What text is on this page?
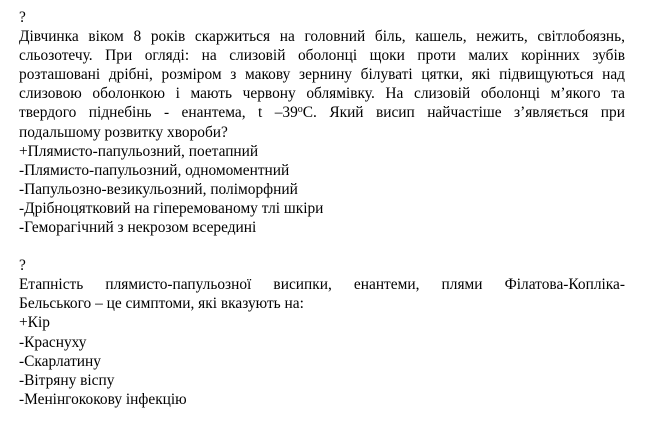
?
Дівчинка віком 8 років скаржиться на головний біль, кашель, нежить, світлобоязнь,
сльозотечу. При огляді: на слизовій оболонці щоки проти малих корінних зубів
розташовані дрібні, розміром з макову зернину білуваті цятки, які підвищуються над
слизовою оболонкою і мають червону облямівку. На слизовій оболонці м’якого та
твердого піднебінь - енантема, t $-39^оС$. Який висип найчастіше з’являється при
подальшому розвитку хвороби?
+Плямисто-папульозний, поетапний
-Плямисто-папульозний, одномоментний
-Папульозно-везикульозний, поліморфний
-Дрібноцятковий на гіперемованому тлі шкіри
-Геморагічний з некрозом всередині
?
Етапність плямисто-папульозної висипки, енантеми, плями Філатова-Копліка-
Бельського – це симптоми, які вказують на:
+Кір
-Краснуху
-Скарлатину
-Вітряну віспу
-Менінгококову інфекцію
